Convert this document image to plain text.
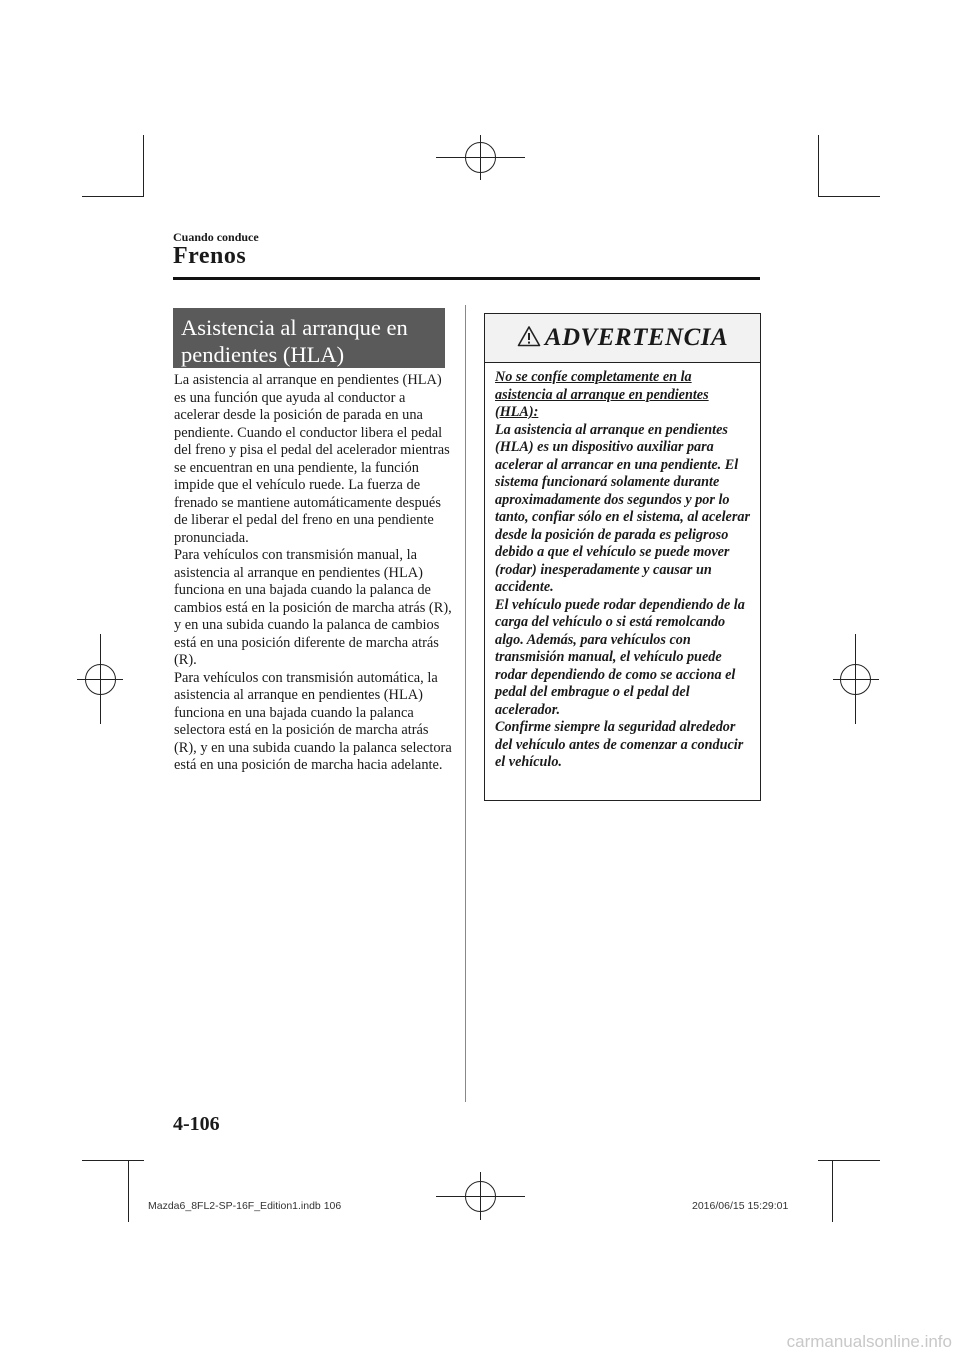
Cuando conduce
Frenos
Asistencia al arranque en pendientes (HLA)

La asistencia al arranque en pendientes (HLA) es una función que ayuda al conductor a acelerar desde la posición de parada en una pendiente. Cuando el conductor libera el pedal del freno y pisa el pedal del acelerador mientras se encuentran en una pendiente, la función impide que el vehículo ruede. La fuerza de frenado se mantiene automáticamente después de liberar el pedal del freno en una pendiente pronunciada.

Para vehículos con transmisión manual, la asistencia al arranque en pendientes (HLA) funciona en una bajada cuando la palanca de cambios está en la posición de marcha atrás (R), y en una subida cuando la palanca de cambios está en una posición diferente de marcha atrás (R).

Para vehículos con transmisión automática, la asistencia al arranque en pendientes (HLA) funciona en una bajada cuando la palanca selectora está en la posición de marcha atrás (R), y en una subida cuando la palanca selectora está en una posición de marcha hacia adelante.

ADVERTENCIA

No se confíe completamente en la asistencia al arranque en pendientes (HLA):

La asistencia al arranque en pendientes (HLA) es un dispositivo auxiliar para acelerar al arrancar en una pendiente. El sistema funcionará solamente durante aproximadamente dos segundos y por lo tanto, confiar sólo en el sistema, al acelerar desde la posición de parada es peligroso debido a que el vehículo se puede mover (rodar) inesperadamente y causar un accidente.

El vehículo puede rodar dependiendo de la carga del vehículo o si está remolcando algo. Además, para vehículos con transmisión manual, el vehículo puede rodar dependiendo de como se acciona el pedal del embrague o el pedal del acelerador.

Confirme siempre la seguridad alrededor del vehículo antes de comenzar a conducir el vehículo.

4-106
Mazda6_8FL2-SP-16F_Edition1.indb 106	2016/06/15 15:29:01
carmanualsonline.info
